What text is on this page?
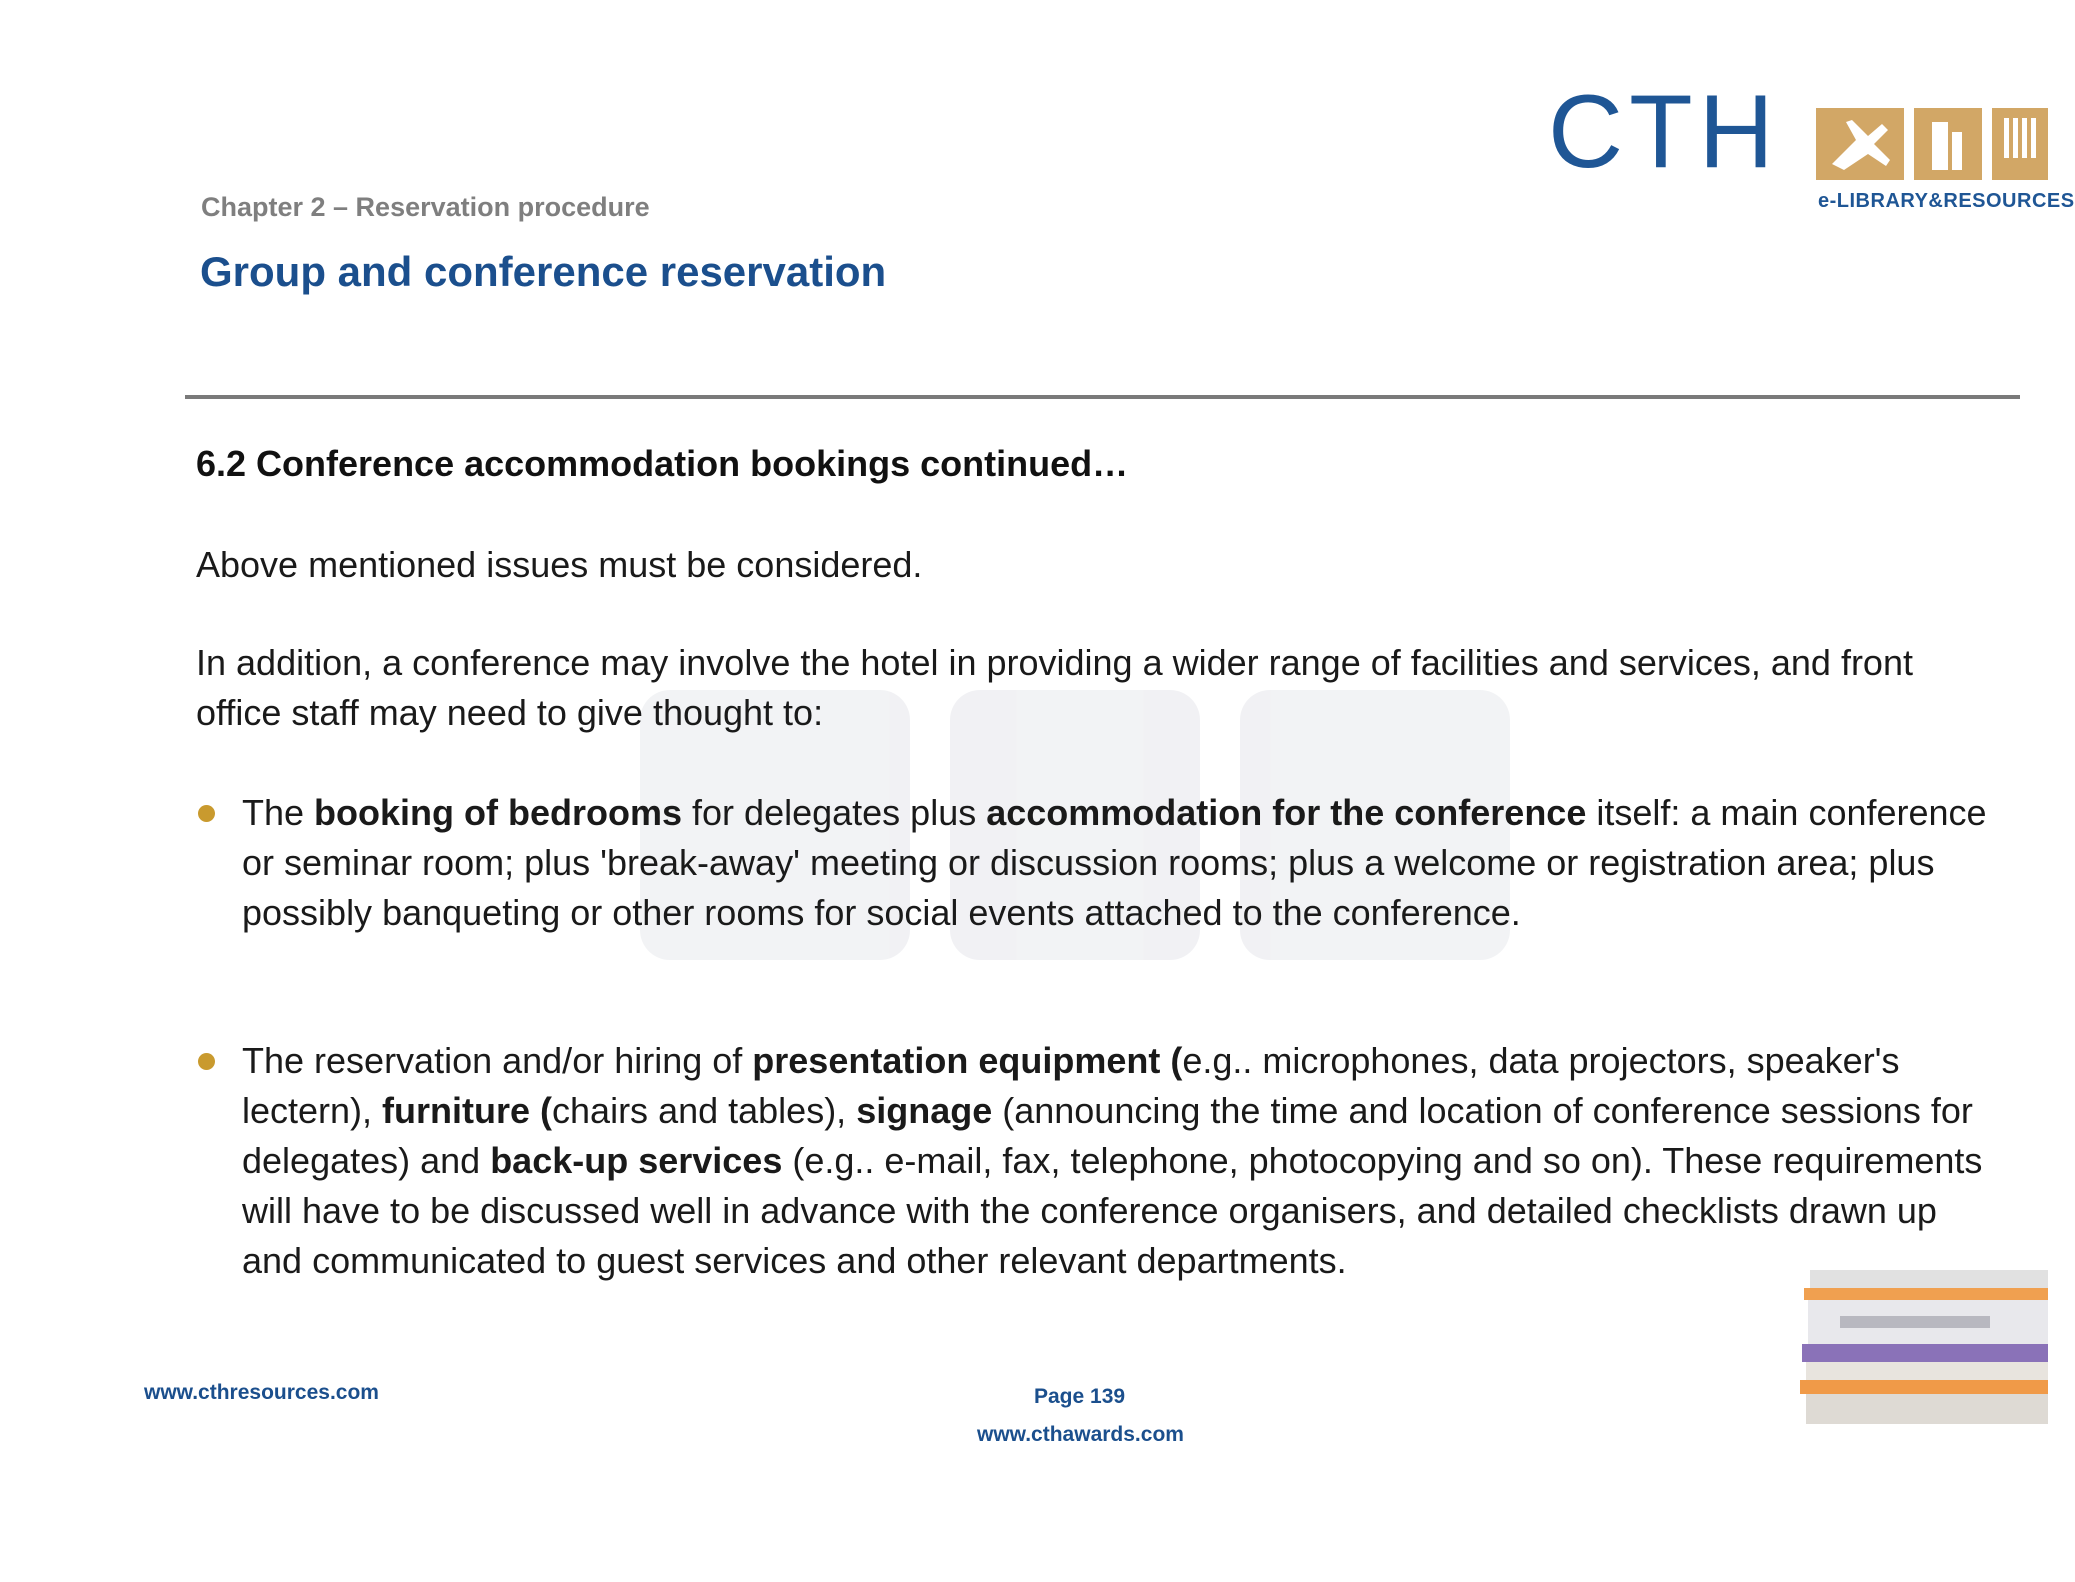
CTH
e-LIBRARY&RESOURCES
Chapter 2 – Reservation procedure
Group and conference reservation
6.2 Conference accommodation bookings continued…
Above mentioned issues must be considered.
In addition, a conference may involve the hotel in providing a wider range of facilities and services, and front office staff may need to give thought to:
The booking of bedrooms for delegates plus accommodation for the conference itself: a main conference or seminar room; plus 'break-away' meeting or discussion rooms; plus a welcome or registration area; plus possibly banqueting or other rooms for social events attached to the conference.
The reservation and/or hiring of presentation equipment (e.g.. microphones, data projectors, speaker's lectern), furniture (chairs and tables), signage (announcing the time and location of conference sessions for delegates) and back-up services (e.g.. e-mail, fax, telephone, photocopying and so on). These requirements will have to be discussed well in advance with the conference organisers, and detailed checklists drawn up and communicated to guest services and other relevant departments.
www.cthresources.com	Page 139
www.cthawards.com
